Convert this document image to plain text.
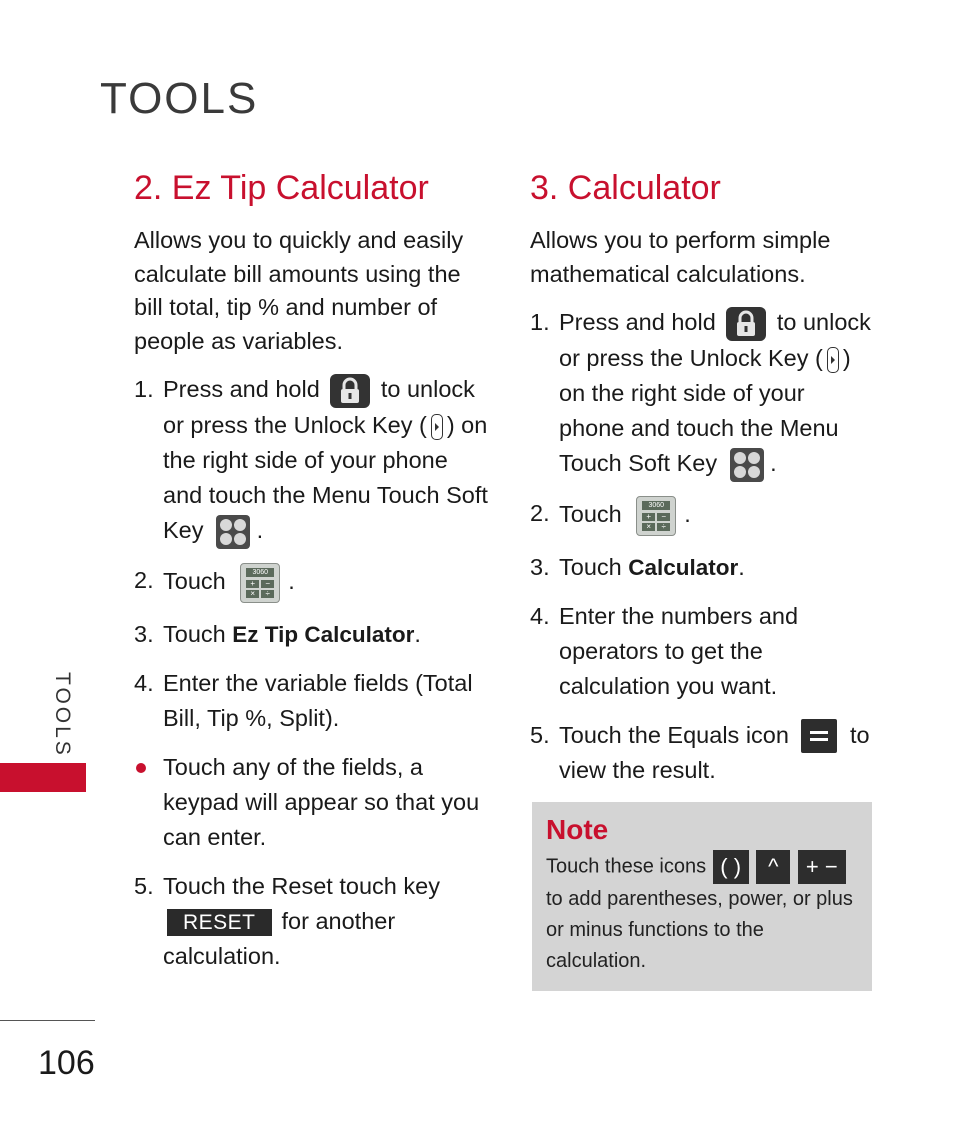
TOOLS
2. Ez Tip Calculator

Allows you to quickly and easily calculate bill amounts using the bill total, tip % and number of people as variables.

1. Press and hold	to unlock or press the Unlock Key ( ) on the right side of your phone and touch the Menu Touch Soft Key .
2. Touch	3060
+	−
×	÷ .
3. Touch Ez Tip Calculator.
4. Enter the variable fields (Total Bill, Tip %, Split).
Touch any of the fields, a keypad will appear so that you can enter.
5. Touch the Reset touch key RESET for another calculation.
3. Calculator

Allows you to perform simple mathematical calculations.

1. Press and hold	to unlock or press the Unlock Key ( ) on the right side of your phone and touch the Menu Touch Soft Key .
2. Touch	3060
+	−
×	÷ .
3. Touch Calculator.
4. Enter the numbers and operators to get the calculation you want.
5. Touch the Equals icon	to view the result.
Note

Touch these icons ( ) ^ + − to add parentheses, power, or plus or minus functions to the calculation.

TOOLS
106
